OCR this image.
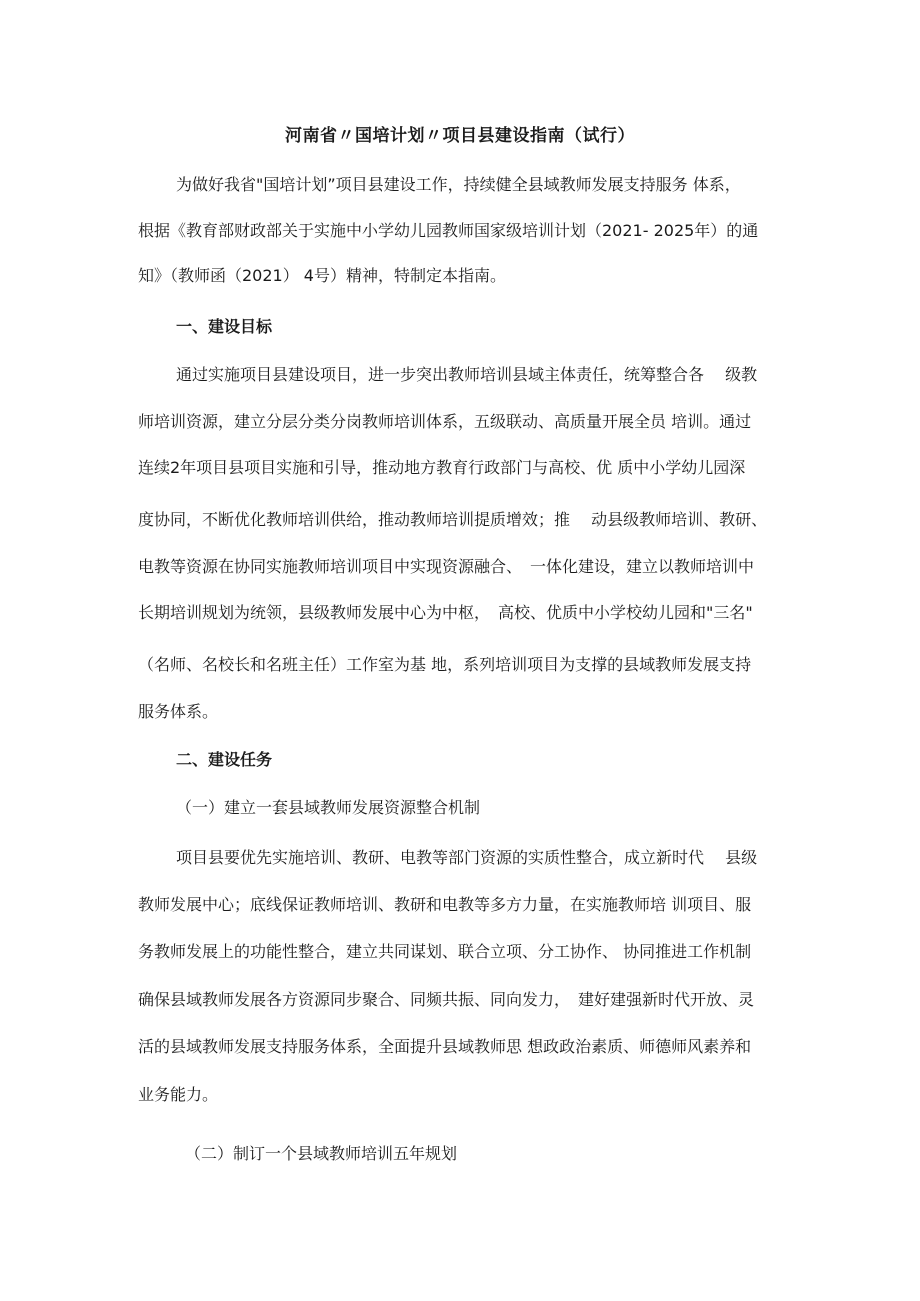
河南省〃国培计划〃项目县建设指南（试行）
为做好我省"国培计划”项目县建设工作，持续健全县域教师发展支持服务 体系，
根据《教育部财政部关于实施中小学幼儿园教师国家级培训计划（2021- 2025年）的通
知》（教师函（2021） 4号）精神，特制定本指南。
一、建设目标
通过实施项目县建设项目，进一步突出教师培训县域主体责任，统筹整合各　 级教
师培训资源，建立分层分类分岗教师培训体系，五级联动、高质量开展全员 培训。通过
连续2年项目县项目实施和引导，推动地方教育行政部门与高校、优 质中小学幼儿园深
度协同，不断优化教师培训供给，推动教师培训提质增效；推　 动县级教师培训、教研、
电教等资源在协同实施教师培训项目中实现资源融合、　一体化建设，建立以教师培训中
长期培训规划为统领，县级教师发展中心为中枢，　高校、优质中小学校幼儿园和"三名"
（名师、名校长和名班主任）工作室为基 地，系列培训项目为支撑的县域教师发展支持
服务体系。
二、建设任务
（一）建立一套县域教师发展资源整合机制
项目县要优先实施培训、教研、电教等部门资源的实质性整合，成立新时代　 县级
教师发展中心；底线保证教师培训、教研和电教等多方力量，在实施教师培 训项目、服
务教师发展上的功能性整合，建立共同谋划、联合立项、分工协作、 协同推进工作机制
确保县域教师发展各方资源同步聚合、同频共振、同向发力，　建好建强新时代开放、灵
活的县域教师发展支持服务体系，全面提升县域教师思 想政政治素质、师德师风素养和
业务能力。
（二）制订一个县域教师培训五年规划
